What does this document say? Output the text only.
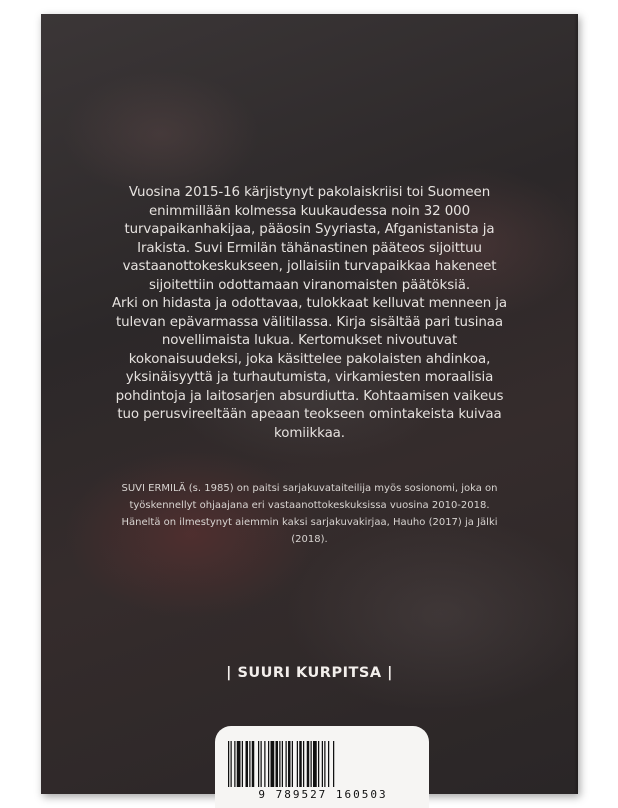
Vuosina 2015-16 kärjistynyt pakolaiskriisi toi Suomeen

enimmillään kolmessa kuukaudessa noin 32 000

turvapaikanhakijaa, pääosin Syyriasta, Afganistanista ja

Irakista. Suvi Ermilän tähänastinen pääteos sijoittuu

vastaanottokeskukseen, jollaisiin turvapaikkaa hakeneet

sijoitettiin odottamaan viranomaisten päätöksiä.

Arki on hidasta ja odottavaa, tulokkaat kelluvat menneen ja

tulevan epävarmassa välitilassa. Kirja sisältää pari tusinaa

novellimaista lukua. Kertomukset nivoutuvat

kokonaisuudeksi, joka käsittelee pakolaisten ahdinkoa,

yksinäisyyttä ja turhautumista, virkamiesten moraalisia

pohdintoja ja laitosarjen absurdiutta. Kohtaamisen vaikeus

tuo perusvireeltään apeaan teokseen omintakeista kuivaa

komiikkaa.

SUVI ERMILÄ (s. 1985) on paitsi sarjakuvataiteilija myös sosionomi, joka on
työskennellyt ohjaajana eri vastaanottokeskuksissa vuosina 2010-2018.
Häneltä on ilmestynyt aiemmin kaksi sarjakuvakirjaa, Hauho (2017) ja Jälki
(2018).
| SUURI KURPITSA |
9 789527 160503
